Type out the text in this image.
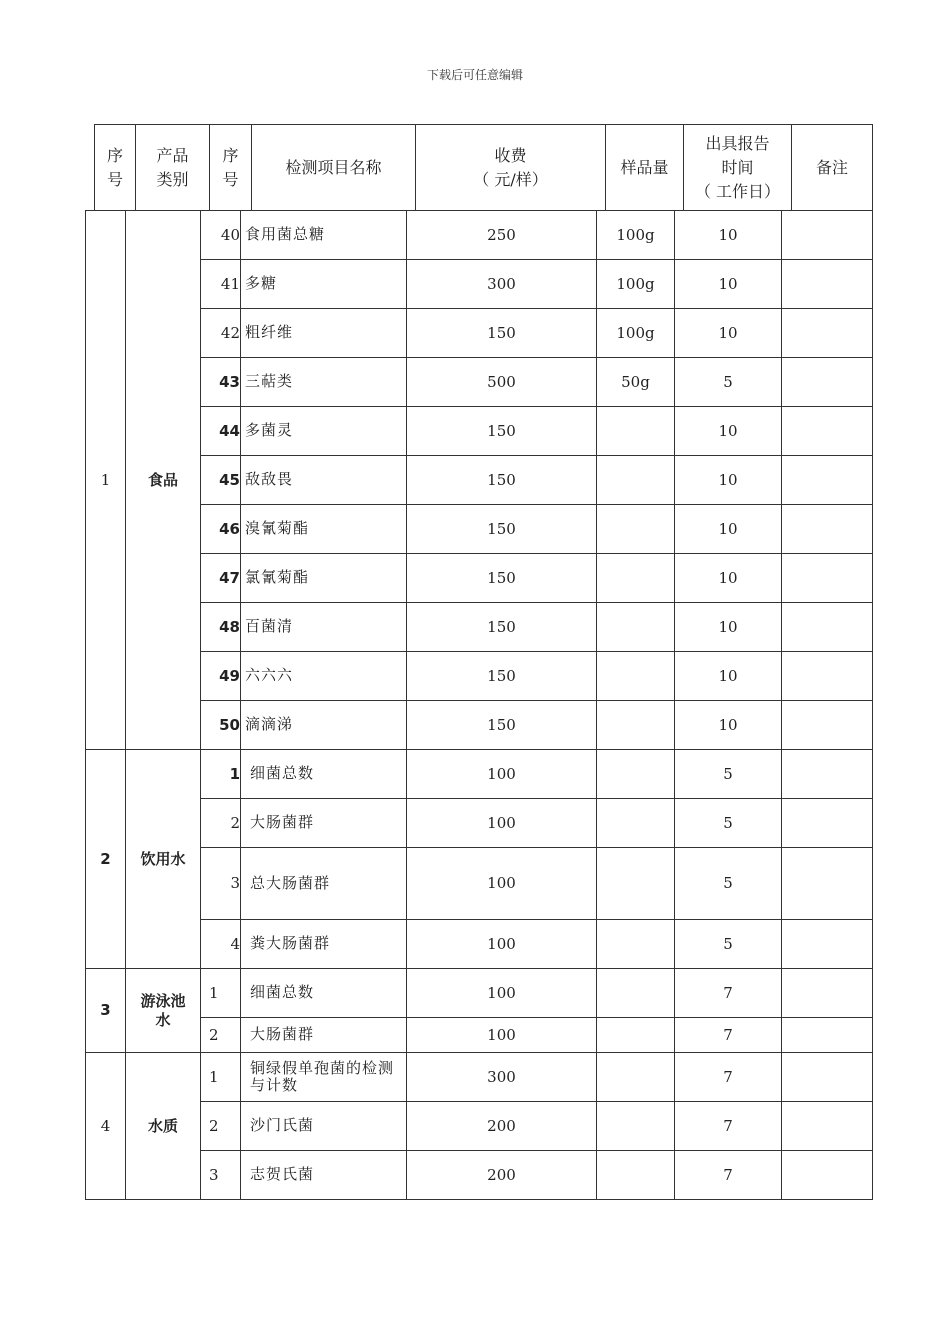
下载后可任意编辑
序
号	产品
类别	序
号	检测项目名称	收费
（ 元/样）	样品量	出具报告
时间
（ 工作日）	备注
1	食品	40	食用菌总糖	250	100g	10	
		41	多糖	300	100g	10	
		42	粗纤维	150	100g	10	
		43	三萜类	500	50g	5	
		44	多菌灵	150		10	
		45	敌敌畏	150		10	
		46	溴氰菊酯	150		10	
		47	氯氰菊酯	150		10	
		48	百菌清	150		10	
		49	六六六	150		10	
		50	滴滴涕	150		10	
2	饮用水	1	细菌总数	100		5	
		2	大肠菌群	100		5	
		3	总大肠菌群	100		5	
		4	粪大肠菌群	100		5	
3	游泳池水	1	细菌总数	100		7	
		2	大肠菌群	100		7	
4	水质	1	铜绿假单孢菌的检测与计数	300		7	
		2	沙门氏菌	200		7	
		3	志贺氏菌	200		7	
